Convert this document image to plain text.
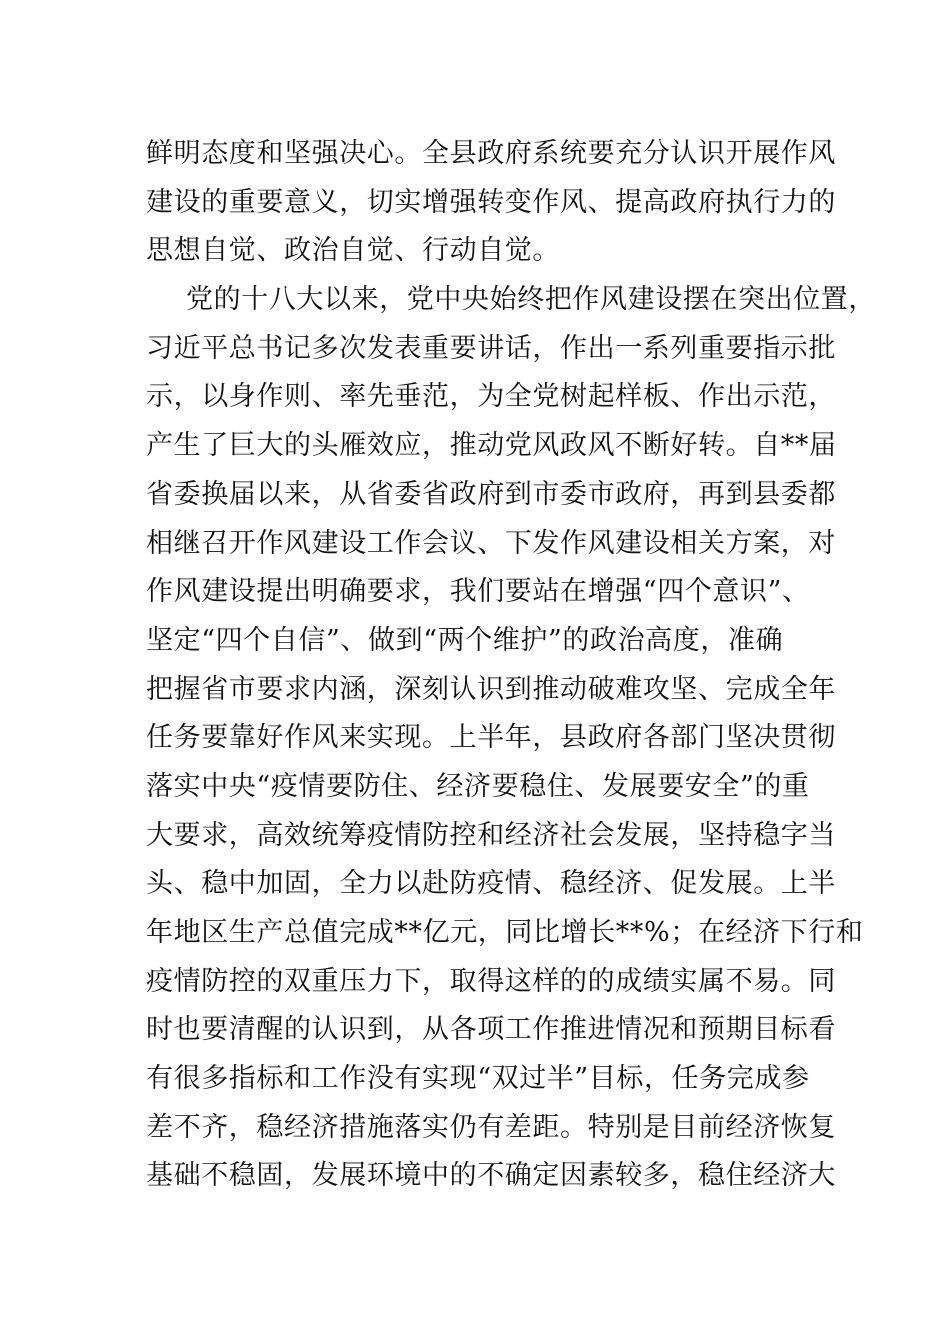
鲜明态度和坚强决心。全县政府系统要充分认识开展作风
建设的重要意义，切实增强转变作风、提高政府执行力的
思想自觉、政治自觉、行动自觉。
党的十八大以来，党中央始终把作风建设摆在突出位置，
习近平总书记多次发表重要讲话，作出一系列重要指示批
示，以身作则、率先垂范，为全党树起样板、作出示范，
产生了巨大的头雁效应，推动党风政风不断好转。自**届
省委换届以来，从省委省政府到市委市政府，再到县委都
相继召开作风建设工作会议、下发作风建设相关方案，对
作风建设提出明确要求，我们要站在增强“四个意识”、
坚定“四个自信”、做到“两个维护”的政治高度，准确
把握省市要求内涵，深刻认识到推动破难攻坚、完成全年
任务要靠好作风来实现。上半年，县政府各部门坚决贯彻
落实中央“疫情要防住、经济要稳住、发展要安全”的重
大要求，高效统筹疫情防控和经济社会发展，坚持稳字当
头、稳中加固，全力以赴防疫情、稳经济、促发展。上半
年地区生产总值完成**亿元，同比增长**%；在经济下行和
疫情防控的双重压力下，取得这样的的成绩实属不易。同
时也要清醒的认识到，从各项工作推进情况和预期目标看
有很多指标和工作没有实现“双过半”目标，任务完成参
差不齐，稳经济措施落实仍有差距。特别是目前经济恢复
基础不稳固，发展环境中的不确定因素较多，稳住经济大
